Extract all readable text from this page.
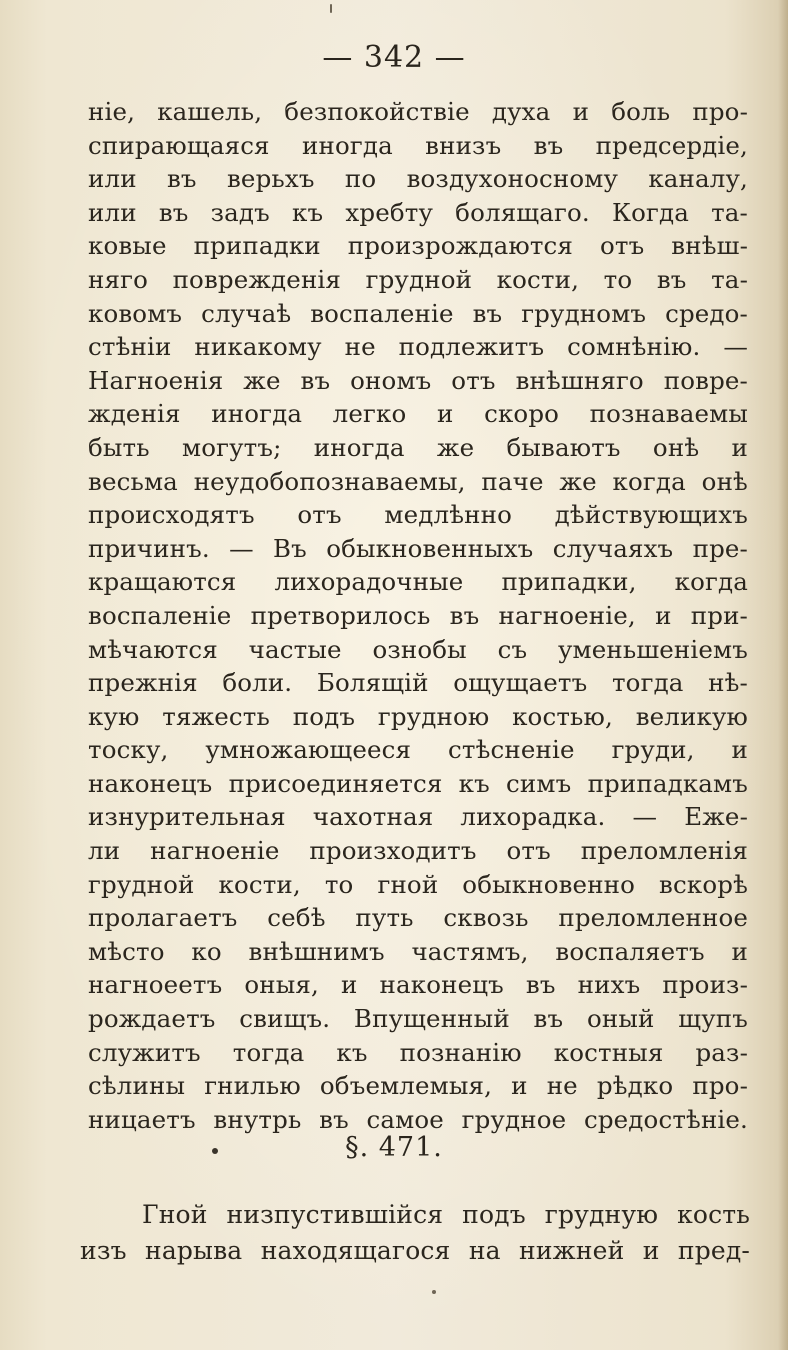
— 342 —
ніе, кашель, безпокойствіе духа и боль про-
спирающаяся иногда внизъ въ предсердіе,
или въ верьхъ по воздухоносному каналу,
или въ задъ къ хребту болящаго. Когда та-
ковые припадки произрождаются отъ внѣш-
няго поврежденія грудной кости, то въ та-
ковомъ случаѣ воспаленіе въ грудномъ средо-
стѣніи никакому не подлежитъ сомнѣнію. —
Нагноенія же въ ономъ отъ внѣшняго повре-
жденія иногда легко и скоро познаваемы
быть могутъ; иногда же бываютъ онѣ и
весьма неудобопознаваемы, паче же когда онѣ
происходятъ отъ медлѣнно дѣйствующихъ
причинъ. — Въ обыкновенныхъ случаяхъ пре-
кращаются лихорадочные припадки, когда
воспаленіе претворилось въ нагноеніе, и при-
мѣчаются частые ознобы съ уменьшеніемъ
прежнія боли. Болящій ощущаетъ тогда нѣ-
кую тяжесть подъ грудною костью, великую
тоску, умножающееся стѣсненіе груди, и
наконецъ присоединяется къ симъ припадкамъ
изнурительная чахотная лихорадка. — Еже-
ли нагноеніе произходитъ отъ преломленія
грудной кости, то гной обыкновенно вскорѣ
пролагаетъ себѣ путь сквозь преломленное
мѣсто ко внѣшнимъ частямъ, воспаляетъ и
нагноеетъ оныя, и наконецъ въ нихъ произ-
рождаетъ свищъ. Впущенный въ оный щупъ
служитъ тогда къ познанію костныя раз-
сѣлины гнилью объемлемыя, и не рѣдко про-
ницаетъ внутрь въ самое грудное средостѣніе.
§. 471.
Гной низпустившійся подъ грудную кость
изъ нарыва находящагося на нижней и пред-
